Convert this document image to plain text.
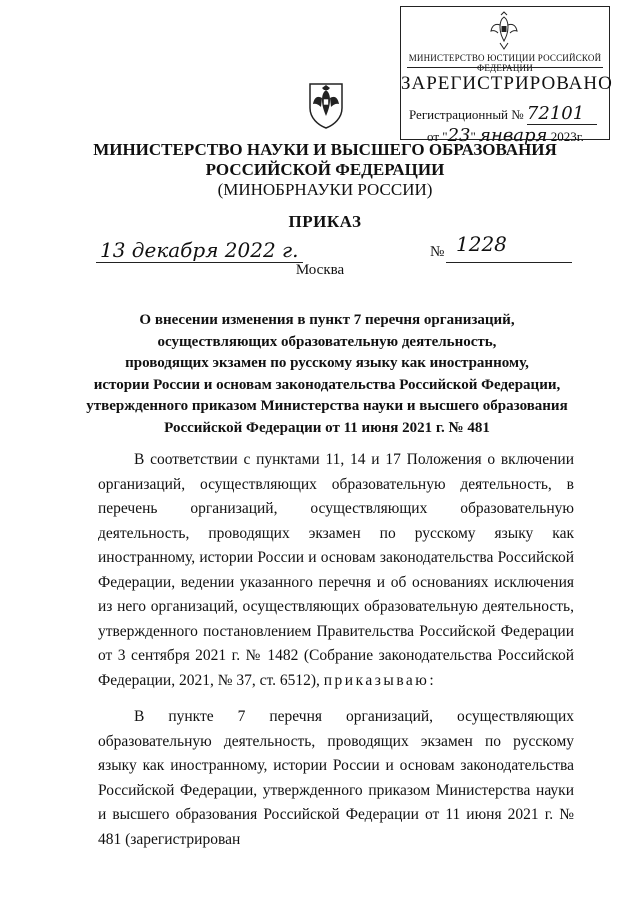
МИНИСТЕРСТВО ЮСТИЦИИ РОССИЙСКОЙ ФЕДЕРАЦИИ
ЗАРЕГИСТРИРОВАНО
Регистрационный № 72101
от "23" января 2023г.
МИНИСТЕРСТВО НАУКИ И ВЫСШЕГО ОБРАЗОВАНИЯ
РОССИЙСКОЙ ФЕДЕРАЦИИ
(МИНОБРНАУКИ РОССИИ)
ПРИКАЗ
13 декабря 2022 г.	№ 1228
Москва
О внесении изменения в пункт 7 перечня организаций,
осуществляющих образовательную деятельность,
проводящих экзамен по русскому языку как иностранному,
истории России и основам законодательства Российской Федерации,
утвержденного приказом Министерства науки и высшего образования
Российской Федерации от 11 июня 2021 г. № 481

В соответствии с пунктами 11, 14 и 17 Положения о включении организаций, осуществляющих образовательную деятельность, в перечень организаций, осуществляющих образовательную деятельность, проводящих экзамен по русскому языку как иностранному, истории России и основам законодательства Российской Федерации, ведении указанного перечня и об основаниях исключения из него организаций, осуществляющих образовательную деятельность, утвержденного постановлением Правительства Российской Федерации от 3 сентября 2021 г. № 1482 (Собрание законодательства Российской Федерации, 2021, № 37, ст. 6512), приказываю:

В пункте 7 перечня организаций, осуществляющих образовательную деятельность, проводящих экзамен по русскому языку как иностранному, истории России и основам законодательства Российской Федерации, утвержденного приказом Министерства науки и высшего образования Российской Федерации от 11 июня 2021 г. № 481 (зарегистрирован
